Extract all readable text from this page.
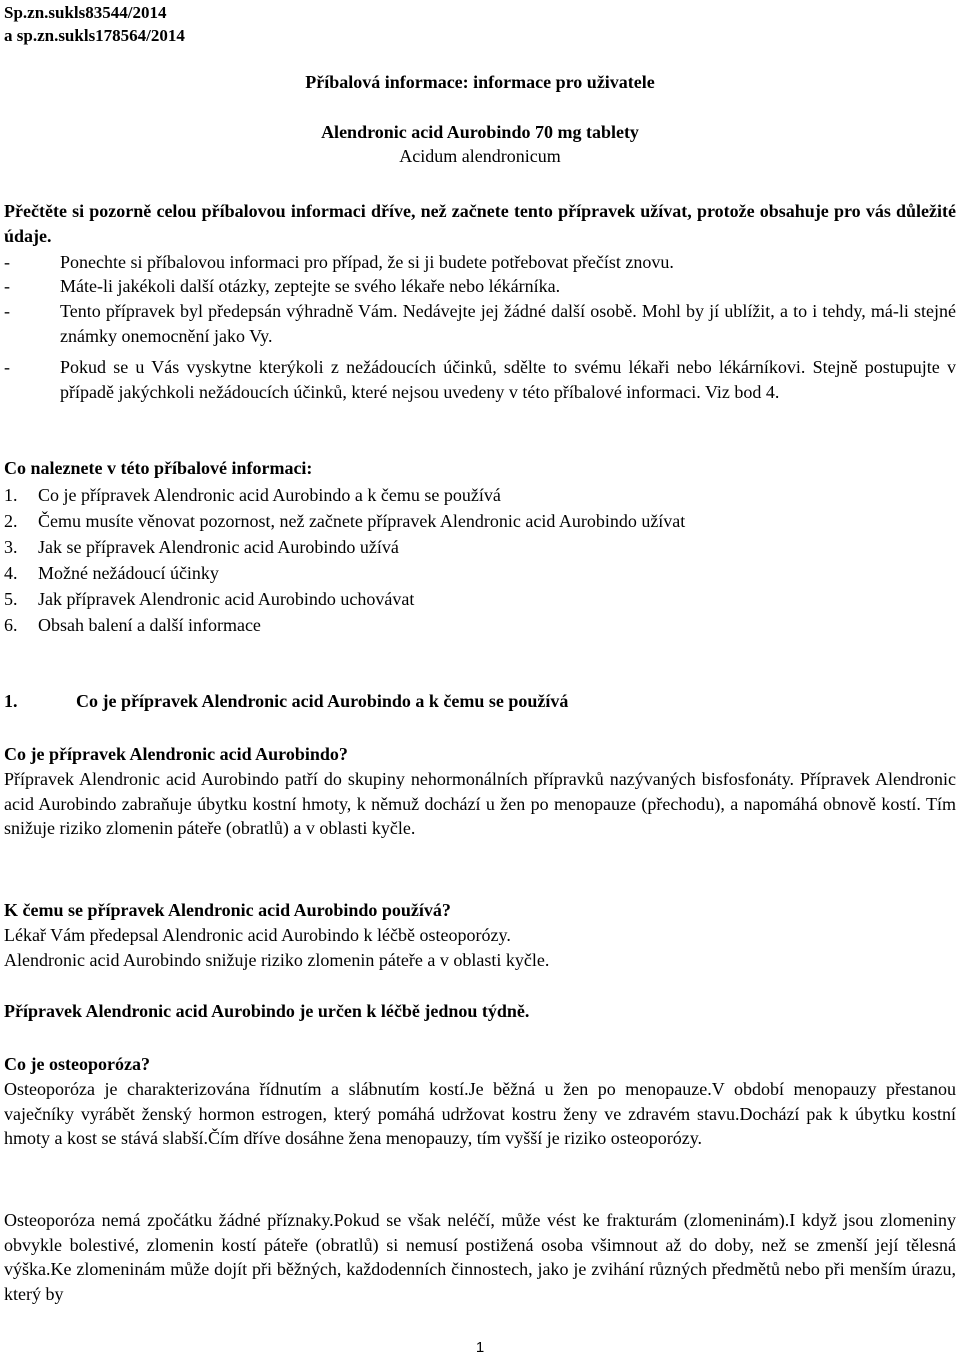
Sp.zn.sukls83544/2014
a sp.zn.sukls178564/2014
Příbalová informace: informace pro uživatele
Alendronic acid Aurobindo 70 mg tablety
Acidum alendronicum

Přečtěte si pozorně celou příbalovou informaci dříve, než začnete tento přípravek užívat, protože obsahuje pro vás důležité údaje.

-	Ponechte si příbalovou informaci pro případ, že si ji budete potřebovat přečíst znovu.
-	Máte-li jakékoli další otázky, zeptejte se svého lékaře nebo lékárníka.
-	Tento přípravek byl předepsán výhradně Vám. Nedávejte jej žádné další osobě. Mohl by jí ublížit, a to i tehdy, má-li stejné známky onemocnění jako Vy.
-	Pokud se u Vás vyskytne kterýkoli z nežádoucích účinků, sdělte to svému lékaři nebo lékárníkovi. Stejně postupujte v případě jakýchkoli nežádoucích účinků, které nejsou uvedeny v této příbalové informaci. Viz bod 4.

Co naleznete v této příbalové informaci:

1. Co je přípravek Alendronic acid Aurobindo a k čemu se používá
2. Čemu musíte věnovat pozornost, než začnete přípravek Alendronic acid Aurobindo užívat
3. Jak se přípravek Alendronic acid Aurobindo užívá
4. Možné nežádoucí účinky
5. Jak přípravek Alendronic acid Aurobindo uchovávat
6. Obsah balení a další informace
1.	Co je přípravek Alendronic acid Aurobindo a k čemu se používá

Co je přípravek Alendronic acid Aurobindo?

Přípravek Alendronic acid Aurobindo patří do skupiny nehormonálních přípravků nazývaných bisfosfonáty. Přípravek Alendronic acid Aurobindo zabraňuje úbytku kostní hmoty, k němuž dochází u žen po menopauze (přechodu), a napomáhá obnově kostí. Tím snižuje riziko zlomenin páteře (obratlů) a v oblasti kyčle.

K čemu se přípravek Alendronic acid Aurobindo používá?

Lékař Vám předepsal Alendronic acid Aurobindo k léčbě osteoporózy.

Alendronic acid Aurobindo snižuje riziko zlomenin páteře a v oblasti kyčle.

Přípravek Alendronic acid Aurobindo je určen k léčbě jednou týdně.

Co je osteoporóza?

Osteoporóza je charakterizována řídnutím a slábnutím kostí.Je běžná u žen po menopauze.V období menopauzy přestanou vaječníky vyrábět ženský hormon estrogen, který pomáhá udržovat kostru ženy ve zdravém stavu.Dochází pak k úbytku kostní hmoty a kost se stává slabší.Čím dříve dosáhne žena menopauzy, tím vyšší je riziko osteoporózy.

Osteoporóza nemá zpočátku žádné příznaky.Pokud se však neléčí, může vést ke frakturám (zlomeninám).I když jsou zlomeniny obvykle bolestivé, zlomenin kostí páteře (obratlů) si nemusí postižená osoba všimnout až do doby, než se zmenší její tělesná výška.Ke zlomeninám může dojít při běžných, každodenních činnostech, jako je zvihání různých předmětů nebo při menším úrazu, který by

1
